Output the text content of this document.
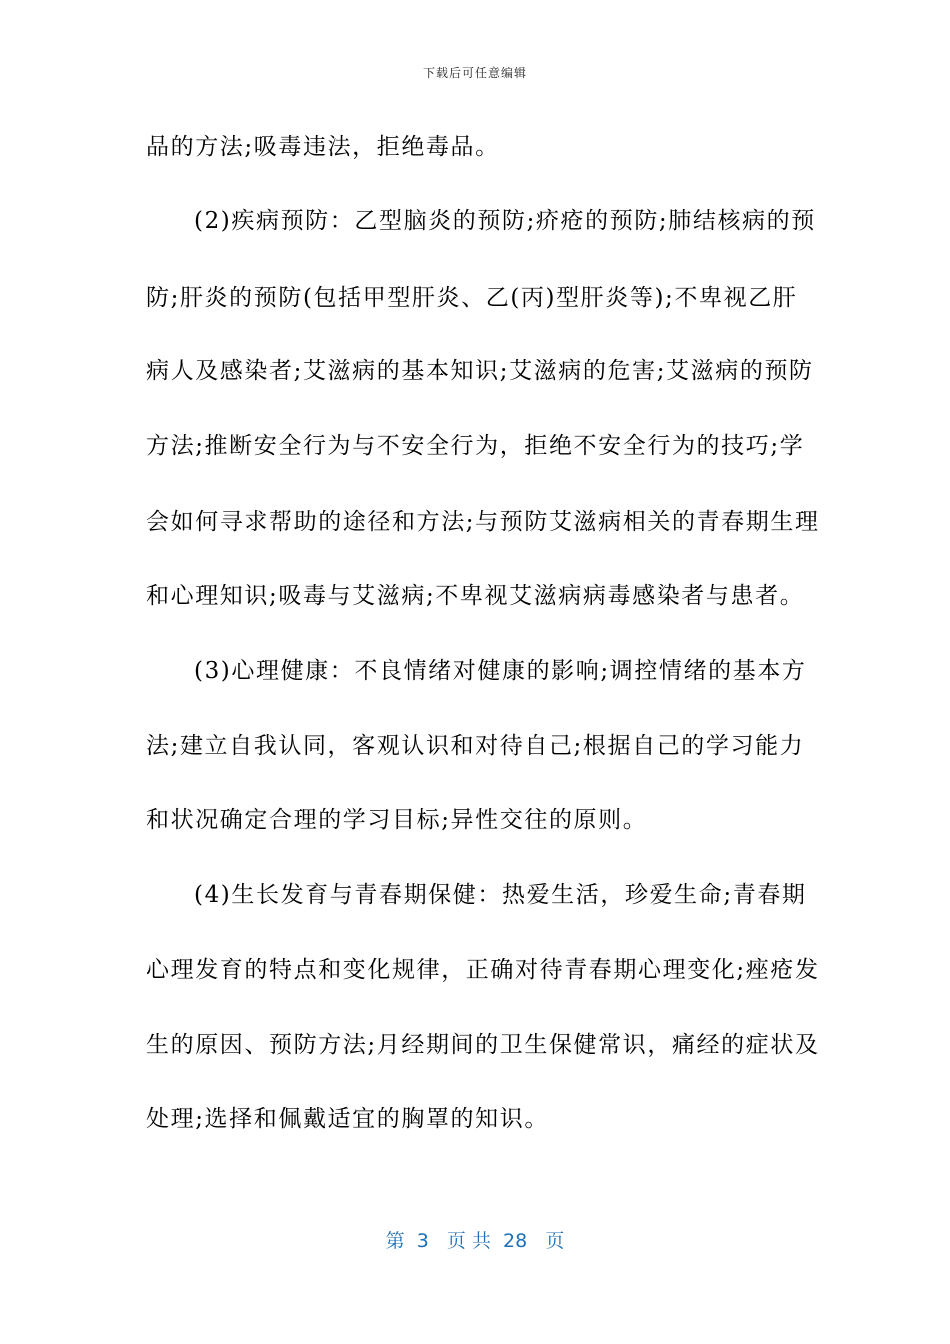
下载后可任意编辑
品的方法;吸毒违法，拒绝毒品。
(2)疾病预防：乙型脑炎的预防;疥疮的预防;肺结核病的预
防;肝炎的预防(包括甲型肝炎、乙(丙)型肝炎等);不卑视乙肝
病人及感染者;艾滋病的基本知识;艾滋病的危害;艾滋病的预防
方法;推断安全行为与不安全行为，拒绝不安全行为的技巧;学
会如何寻求帮助的途径和方法;与预防艾滋病相关的青春期生理
和心理知识;吸毒与艾滋病;不卑视艾滋病病毒感染者与患者。
(3)心理健康：不良情绪对健康的影响;调控情绪的基本方
法;建立自我认同，客观认识和对待自己;根据自己的学习能力
和状况确定合理的学习目标;异性交往的原则。
(4)生长发育与青春期保健：热爱生活，珍爱生命;青春期
心理发育的特点和变化规律，正确对待青春期心理变化;痤疮发
生的原因、预防方法;月经期间的卫生保健常识，痛经的症状及
处理;选择和佩戴适宜的胸罩的知识。
第  3   页 共  28   页
